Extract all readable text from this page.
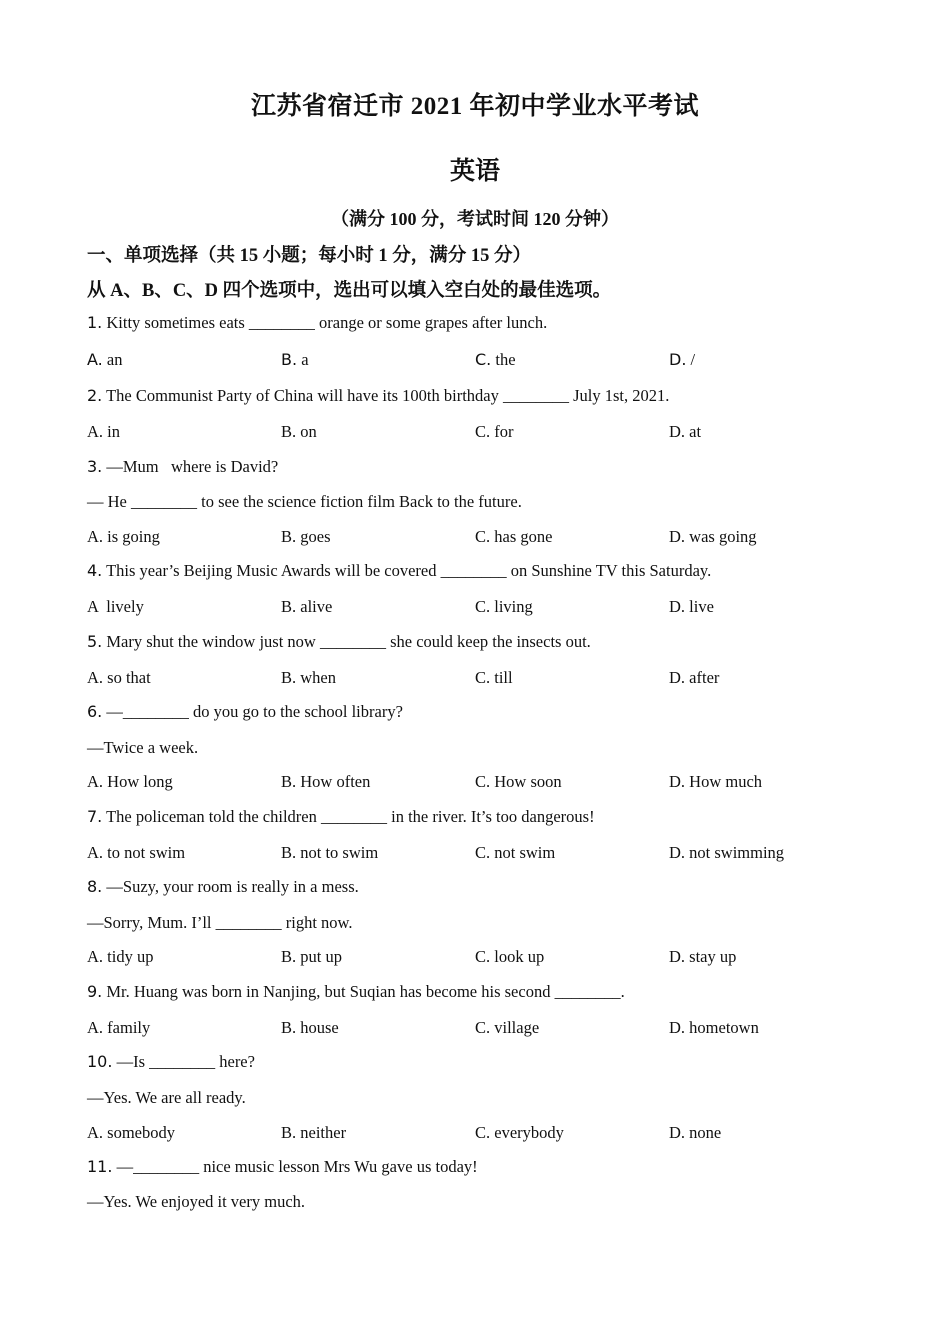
江苏省宿迁市 2021 年初中学业水平考试
英语
（满分 100 分，考试时间 120 分钟）
一、单项选择（共 15 小题；每小时 1 分，满分 15 分）
从 A、B、C、D 四个选项中，选出可以填入空白处的最佳选项。
1. Kitty sometimes eats ________ orange or some grapes after lunch.
A. an	B. a	C. the	D. /
2. The Communist Party of China will have its 100th birthday ________ July 1st, 2021.
A. in	B. on	C. for	D. at
3. —Mum   where is David?
— He ________ to see the science fiction film Back to the future.
A. is going	B. goes	C. has gone	D. was going
4. This year’s Beijing Music Awards will be covered ________ on Sunshine TV this Saturday.
A  lively	B. alive	C. living	D. live
5. Mary shut the window just now ________ she could keep the insects out.
A. so that	B. when	C. till	D. after
6. —________ do you go to the school library?
—Twice a week.
A. How long	B. How often	C. How soon	D. How much
7. The policeman told the children ________ in the river. It’s too dangerous!
A. to not swim	B. not to swim	C. not swim	D. not swimming
8. —Suzy, your room is really in a mess.
—Sorry, Mum. I’ll ________ right now.
A. tidy up	B. put up	C. look up	D. stay up
9. Mr. Huang was born in Nanjing, but Suqian has become his second ________.
A. family	B. house	C. village	D. hometown
10. —Is ________ here?
—Yes. We are all ready.
A. somebody	B. neither	C. everybody	D. none
11. —________ nice music lesson Mrs Wu gave us today!
—Yes. We enjoyed it very much.
